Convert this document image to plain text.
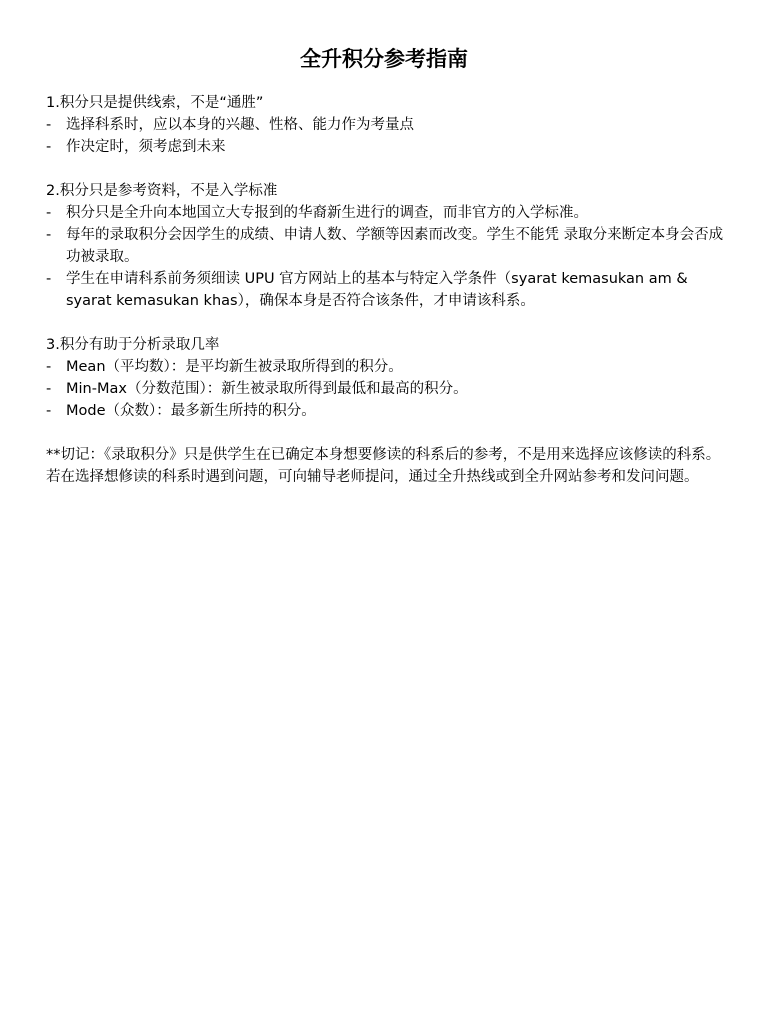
全升积分参考指南

1.积分只是提供线索，不是“通胜”

- 选择科系时，应以本身的兴趣、性格、能力作为考量点

- 作决定时，须考虑到未来

2.积分只是参考资料，不是入学标准

- 积分只是全升向本地国立大专报到的华裔新生进行的调查，而非官方的入学标准。

- 每年的录取积分会因学生的成绩、申请人数、学额等因素而改变。学生不能凭 录取分来断定本身会否成功被录取。

- 学生在申请科系前务须细读 UPU 官方网站上的基本与特定入学条件（syarat kemasukan am & syarat kemasukan khas），确保本身是否符合该条件，才申请该科系。

3.积分有助于分析录取几率

- Mean（平均数）：是平均新生被录取所得到的积分。

- Min-Max（分数范围）：新生被录取所得到最低和最高的积分。

- Mode（众数）：最多新生所持的积分。

**切记：《录取积分》只是供学生在已确定本身想要修读的科系后的参考，不是用来选择应该修读的科系。若在选择想修读的科系时遇到问题，可向辅导老师提问，通过全升热线或到全升网站参考和发问问题。
